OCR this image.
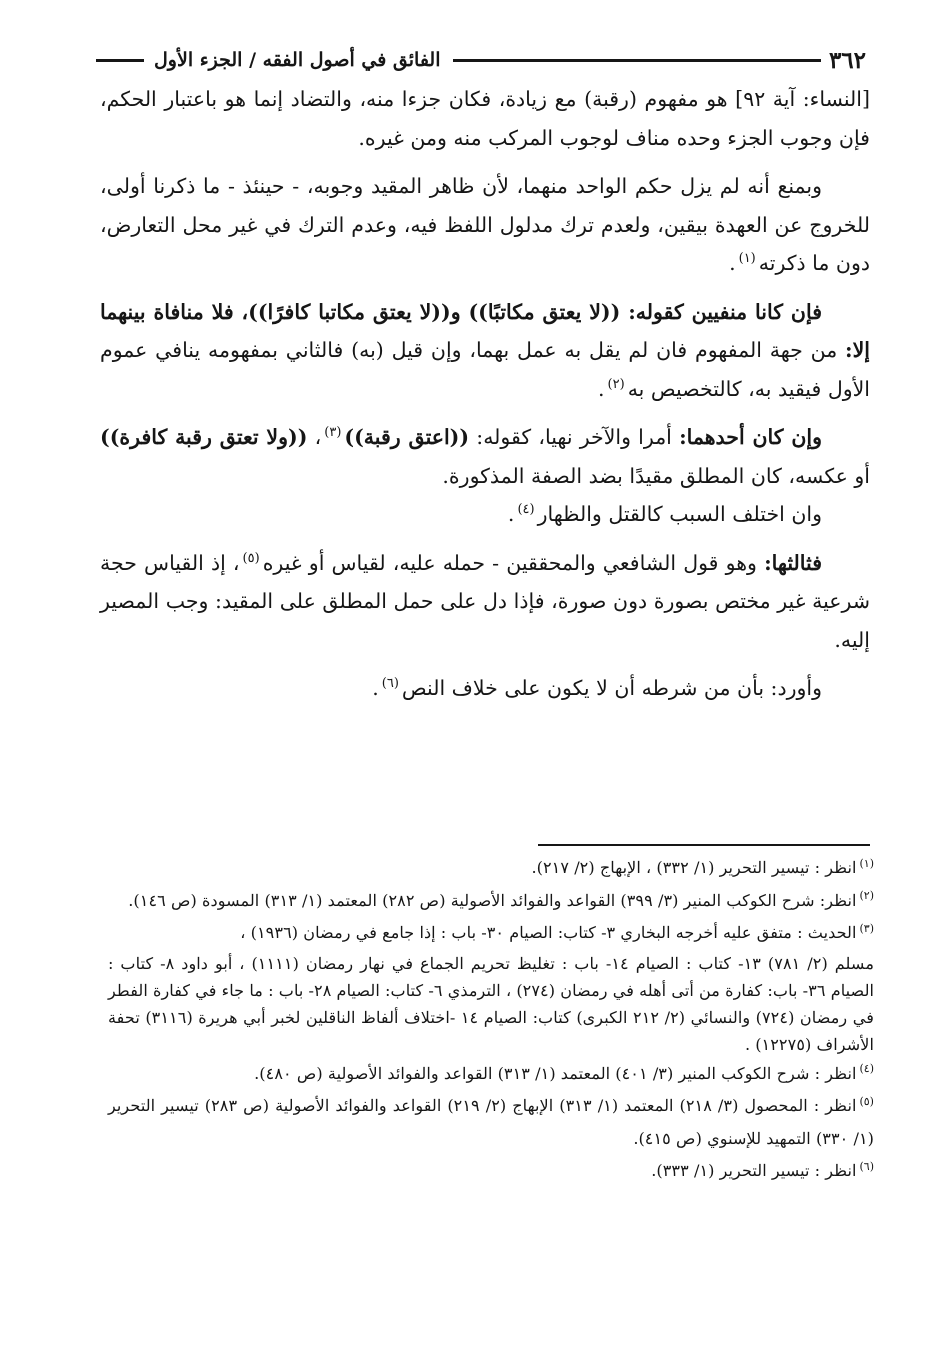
٣٦٢
الفائق في أصول الفقه / الجزء الأول

[النساء: آية ٩٢] هو مفهوم (رقبة) مع زيادة، فكان جزءا منه، والتضاد إنما هو باعتبار الحكم، فإن وجوب الجزء وحده مناف لوجوب المركب منه ومن غيره.

وبمنع أنه لم يزل حكم الواحد منهما، لأن ظاهر المقيد وجوبه، - حينئذ - ما ذكرنا أولى، للخروج عن العهدة بيقين، ولعدم ترك مدلول اللفظ فيه، وعدم الترك في غير محل التعارض، دون ما ذكرته$^{(١)}$.

فإن كانا منفيين كقوله: ((لا يعتق مكاتبًا)) و((لا يعتق مكاتبا كافرًا))، فلا منافاة بينهما إلا: من جهة المفهوم فان لم يقل به عمل بهما، وإن قيل (به) فالثاني بمفهومه ينافي عموم الأول فيقيد به، كالتخصيص به$^{(٢)}$.

وإن كان أحدهما: أمرا والآخر نهيا، كقوله: ((اعتق رقبة))$^{(٣)}$، ((ولا تعتق رقبة كافرة)) أو عكسه، كان المطلق مقيدًا بضد الصفة المذكورة.

وان اختلف السبب كالقتل والظهار$^{(٤)}$.

فثالثها: وهو قول الشافعي والمحققين - حمله عليه، لقياس أو غيره$^{(٥)}$، إذ القياس حجة شرعية غير مختص بصورة دون صورة، فإذا دل على حمل المطلق على المقيد: وجب المصير إليه.

وأورد: بأن من شرطه أن لا يكون على خلاف النص$^{(٦)}$.

$^{(١)}$انظر : تيسير التحرير (١/ ٣٣٢) ، الإبهاج (٢/ ٢١٧).

$^{(٢)}$انظر: شرح الكوكب المنير (٣/ ٣٩٩) القواعد والفوائد الأصولية (ص ٢٨٢) المعتمد (١/ ٣١٣) المسودة (ص ١٤٦).

$^{(٣)}$الحديث : متفق عليه أخرجه البخاري ٣- كتاب: الصيام ٣٠- باب : إذا جامع في رمضان (١٩٣٦) ،

مسلم (٢/ ٧٨١) ١٣- كتاب : الصيام ١٤- باب : تغليظ تحريم الجماع في نهار رمضان (١١١١) ، أبو داود ٨- كتاب : الصيام ٣٦- باب: كفارة من أتى أهله في رمضان (٢٧٤) ، الترمذي ٦- كتاب: الصيام ٢٨- باب : ما جاء في كفارة الفطر في رمضان (٧٢٤) والنسائي (٢/ ٢١٢ الكبرى) كتاب: الصيام ١٤ -اختلاف ألفاظ الناقلين لخبر أبي هريرة (٣١١٦) تحفة الأشراف (١٢٢٧٥) .

$^{(٤)}$انظر : شرح الكوكب المنير (٣/ ٤٠١) المعتمد (١/ ٣١٣) القواعد والفوائد الأصولية (ص ٤٨٠).

$^{(٥)}$انظر : المحصول (٣/ ٢١٨) المعتمد (١/ ٣١٣) الإبهاج (٢/ ٢١٩) القواعد والفوائد الأصولية (ص ٢٨٣) تيسير التحرير (١/ ٣٣٠) التمهيد للإسنوي (ص ٤١٥).

$^{(٦)}$انظر : تيسير التحرير (١/ ٣٣٣).
